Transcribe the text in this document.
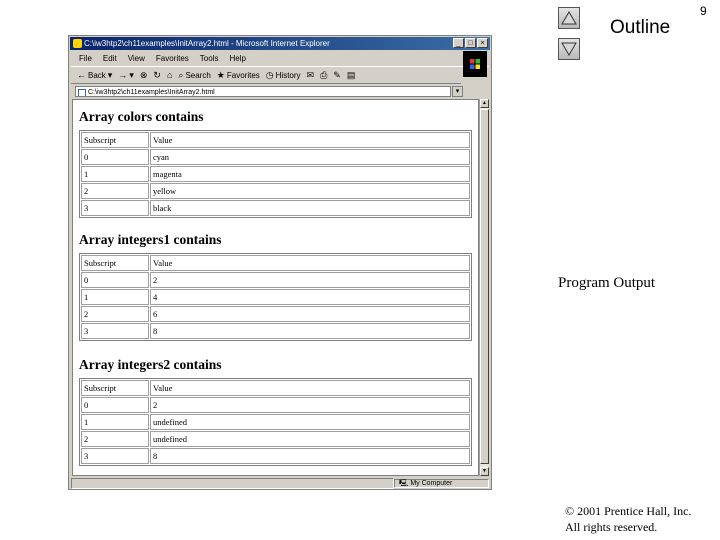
9
Outline
Program Output
© 2001 Prentice Hall, Inc.
All rights reserved.
C:\iw3htp2\ch11examples\InitArray2.html - Microsoft Internet Explorer	_	□	×
File Edit View Favorites Tools Help
← Back ▾ → ▾ ⊗ ↻ ⌂ ⌕ Search ★ Favorites ◷ History ✉ ⎙ ✎ ▤
C:\iw3htp2\ch11examples\InitArray2.html	▾
Array colors contains
Subscript	Value
0	cyan
1	magenta
2	yellow
3	black
Array integers1 contains
Subscript	Value
0	2
1	4
2	6
3	8
Array integers2 contains
Subscript	Value
0	2
1	undefined
2	undefined
3	8
▲
▼
🖳 My Computer
